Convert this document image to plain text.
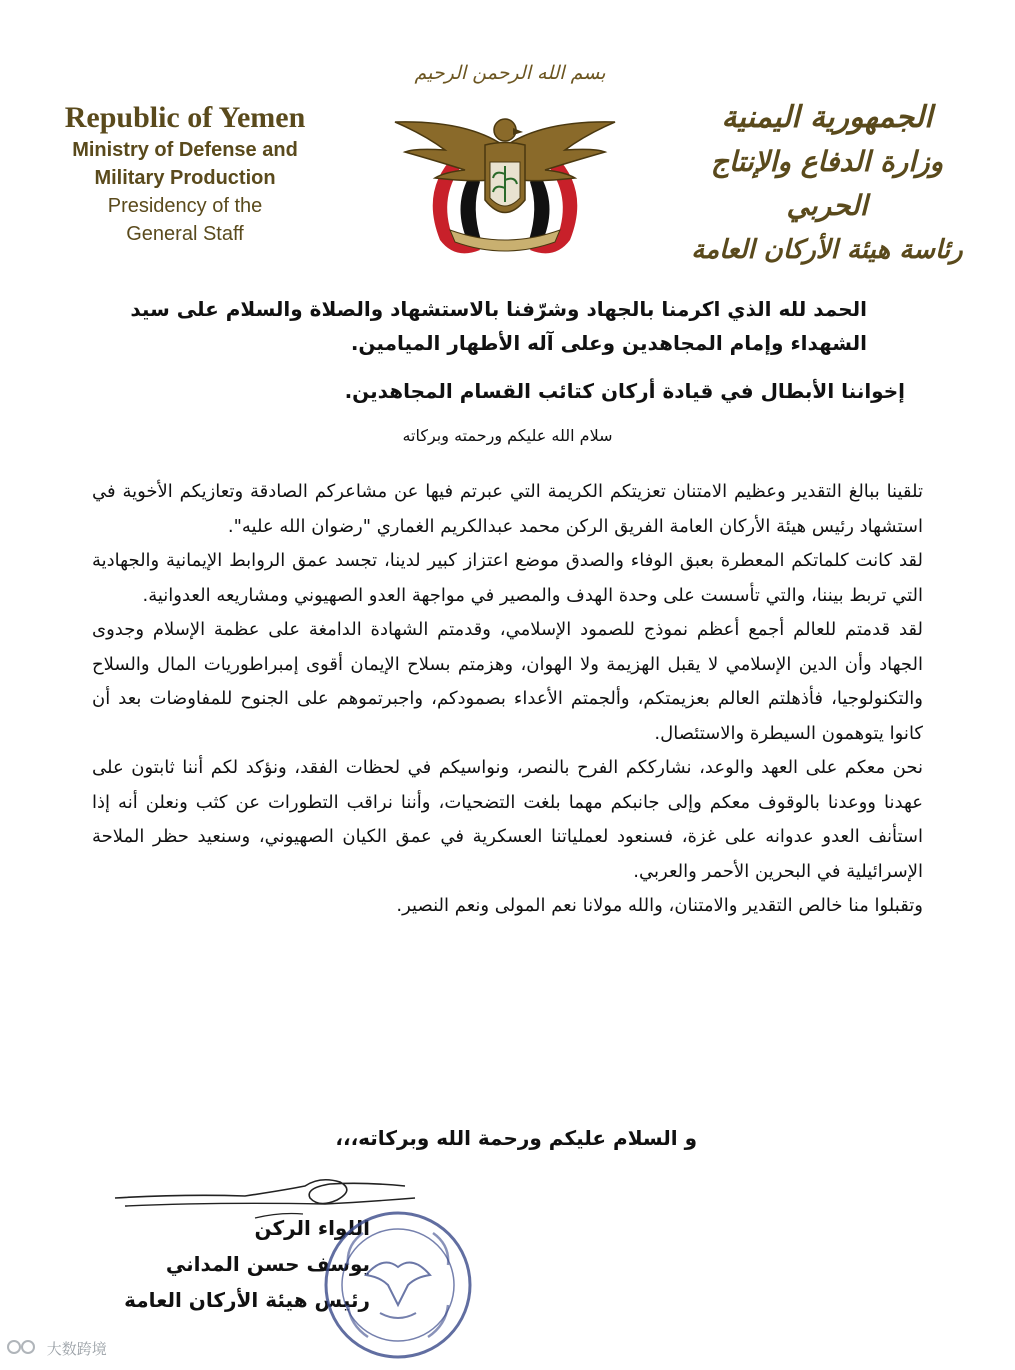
Republic of Yemen
Ministry of Defense and
Military Production
Presidency of the
General Staff
بسم الله الرحمن الرحيم
الجمهورية اليمنية
وزارة الدفاع والإنتاج الحربي
رئاسة هيئة الأركان العامة
الحمد لله الذي اكرمنا بالجهاد وشرّفنا بالاستشهاد والصلاة والسلام على سيد الشهداء وإمام المجاهدين وعلى آله الأطهار الميامين.
إخواننا الأبطال في قيادة أركان كتائب القسام المجاهدين.
سلام الله عليكم ورحمته وبركاته

تلقينا ببالغ التقدير وعظيم الامتنان تعزيتكم الكريمة التي عبرتم فيها عن مشاعركم الصادقة وتعازيكم الأخوية في استشهاد رئيس هيئة الأركان العامة الفريق الركن محمد عبدالكريم الغماري "رضوان الله عليه".

لقد كانت كلماتكم المعطرة بعبق الوفاء والصدق موضع اعتزاز كبير لدينا، تجسد عمق الروابط الإيمانية والجهادية التي تربط بيننا، والتي تأسست على وحدة الهدف والمصير في مواجهة العدو الصهيوني ومشاريعه العدوانية.

لقد قدمتم للعالم أجمع أعظم نموذج للصمود الإسلامي، وقدمتم الشهادة الدامغة على عظمة الإسلام وجدوى الجهاد وأن الدين الإسلامي لا يقبل الهزيمة ولا الهوان، وهزمتم بسلاح الإيمان أقوى إمبراطوريات المال والسلاح والتكنولوجيا، فأذهلتم العالم بعزيمتكم، وألجمتم الأعداء بصمودكم، واجبرتموهم على الجنوح للمفاوضات بعد أن كانوا يتوهمون السيطرة والاستئصال.

نحن معكم على العهد والوعد، نشارككم الفرح بالنصر، ونواسيكم في لحظات الفقد، ونؤكد لكم أننا ثابتون على عهدنا ووعدنا بالوقوف معكم وإلى جانبكم مهما بلغت التضحيات، وأننا نراقب التطورات عن كثب ونعلن أنه إذا استأنف العدو عدوانه على غزة، فسنعود لعملياتنا العسكرية في عمق الكيان الصهيوني، وسنعيد حظر الملاحة الإسرائيلية في البحرين الأحمر والعربي.

وتقبلوا منا خالص التقدير والامتنان، والله مولانا نعم المولى ونعم النصير.

و السلام عليكم ورحمة الله وبركاته،،،
اللواء الركن
يوسف حسن المداني
رئيس هيئة الأركان العامة
大数跨境
